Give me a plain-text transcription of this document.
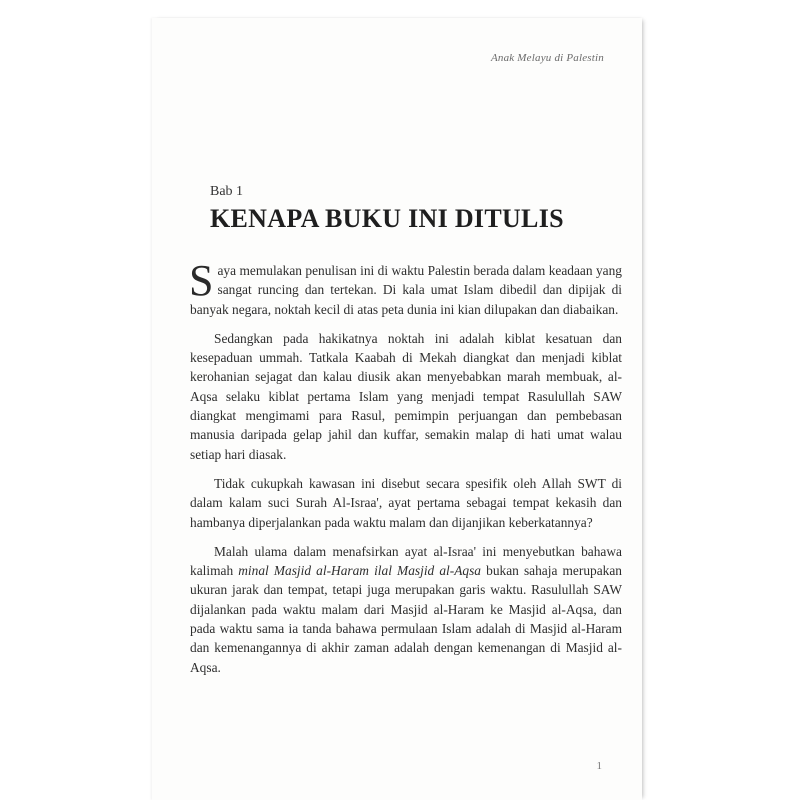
Anak Melayu di Palestin
Bab 1
KENAPA BUKU INI DITULIS

Saya memulakan penulisan ini di waktu Palestin berada dalam keadaan yang sangat runcing dan tertekan. Di kala umat Islam dibedil dan dipijak di banyak negara, noktah kecil di atas peta dunia ini kian dilupakan dan diabaikan.

Sedangkan pada hakikatnya noktah ini adalah kiblat kesatuan dan kesepaduan ummah. Tatkala Kaabah di Mekah diangkat dan menjadi kiblat kerohanian sejagat dan kalau diusik akan menyebabkan marah membuak, al-Aqsa selaku kiblat pertama Islam yang menjadi tempat Rasulullah SAW diangkat mengimami para Rasul, pemimpin perjuangan dan pembebasan manusia daripada gelap jahil dan kuffar, semakin malap di hati umat walau setiap hari diasak.

Tidak cukupkah kawasan ini disebut secara spesifik oleh Allah SWT di dalam kalam suci Surah Al-Israa', ayat pertama sebagai tempat kekasih dan hambanya diperjalankan pada waktu malam dan dijanjikan keberkatannya?

Malah ulama dalam menafsirkan ayat al-Israa' ini menyebutkan bahawa kalimah minal Masjid al-Haram ilal Masjid al-Aqsa bukan sahaja merupakan ukuran jarak dan tempat, tetapi juga merupakan garis waktu. Rasulullah SAW dijalankan pada waktu malam dari Masjid al-Haram ke Masjid al-Aqsa, dan pada waktu sama ia tanda bahawa permulaan Islam adalah di Masjid al-Haram dan kemenangannya di akhir zaman adalah dengan kemenangan di Masjid al-Aqsa.

1
